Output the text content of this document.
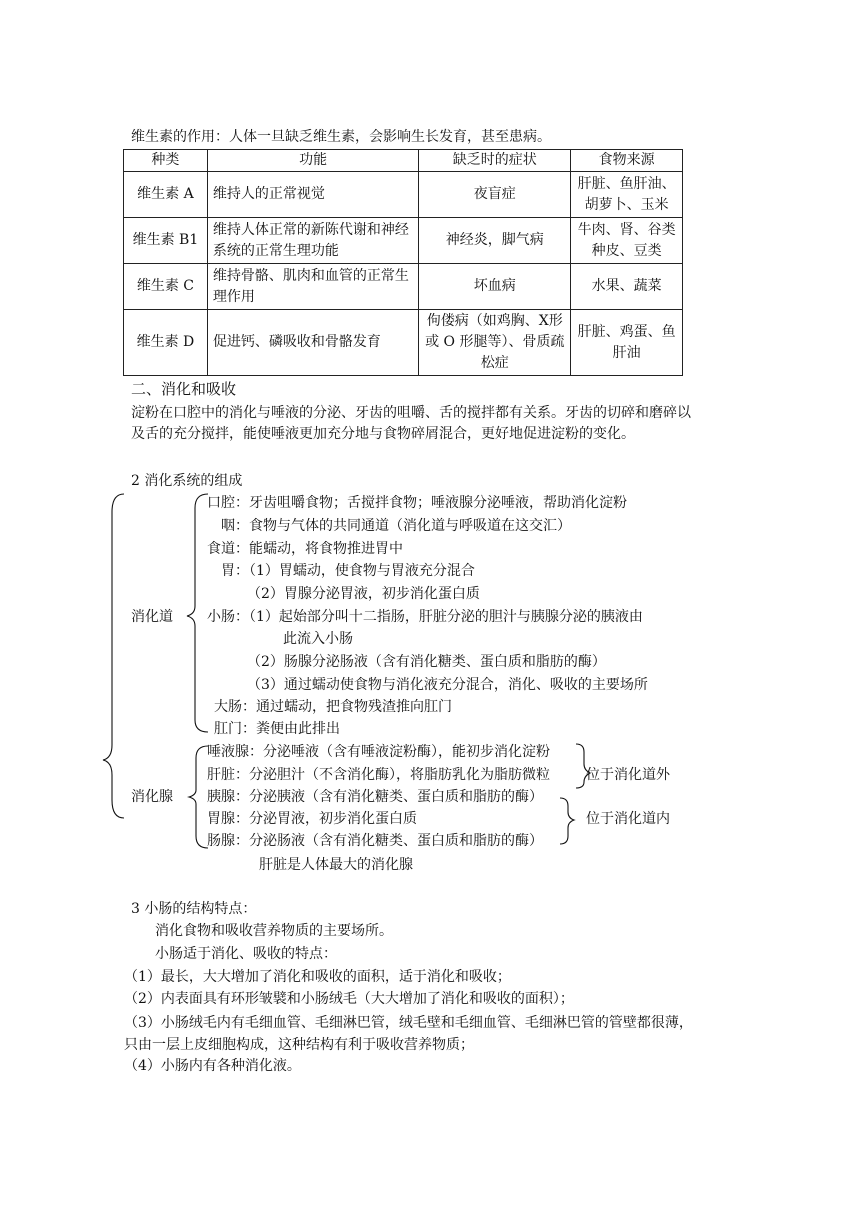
维生素的作用：人体一旦缺乏维生素，会影响生长发育，甚至患病。
种类	功能	缺乏时的症状	食物来源
维生素 A	维持人的正常视觉	夜盲症	肝脏、鱼肝油、胡萝卜、玉米
维生素 B1	维持人体正常的新陈代谢和神经系统的正常生理功能	神经炎，脚气病	牛肉、肾、谷类种皮、豆类
维生素 C	维持骨骼、肌肉和血管的正常生理作用	坏血病	水果、蔬菜
维生素 D	促进钙、磷吸收和骨骼发育	佝偻病（如鸡胸、X形或 O 形腿等）、骨质疏松症	肝脏、鸡蛋、鱼肝油
二、消化和吸收
淀粉在口腔中的消化与唾液的分泌、牙齿的咀嚼、舌的搅拌都有关系。牙齿的切碎和磨碎以及舌的充分搅拌，能使唾液更加充分地与食物碎屑混合，更好地促进淀粉的变化。
2 消化系统的组成
消化道
消化腺
口腔：牙齿咀嚼食物；舌搅拌食物；唾液腺分泌唾液，帮助消化淀粉
咽：食物与气体的共同通道（消化道与呼吸道在这交汇）
食道：能蠕动，将食物推进胃中
胃：（1）胃蠕动，使食物与胃液充分混合
（2）胃腺分泌胃液，初步消化蛋白质
小肠：（1）起始部分叫十二指肠，肝脏分泌的胆汁与胰腺分泌的胰液由
此流入小肠
（2）肠腺分泌肠液（含有消化糖类、蛋白质和脂肪的酶）
（3）通过蠕动使食物与消化液充分混合，消化、吸收的主要场所
大肠：通过蠕动，把食物残渣推向肛门
肛门：粪便由此排出
唾液腺：分泌唾液（含有唾液淀粉酶），能初步消化淀粉
肝脏：分泌胆汁（不含消化酶），将脂肪乳化为脂肪微粒
胰腺：分泌胰液（含有消化糖类、蛋白质和脂肪的酶）
胃腺：分泌胃液，初步消化蛋白质
肠腺：分泌肠液（含有消化糖类、蛋白质和脂肪的酶）
位于消化道外
位于消化道内
肝脏是人体最大的消化腺
3 小肠的结构特点：
消化食物和吸收营养物质的主要场所。
小肠适于消化、吸收的特点：
（1）最长，大大增加了消化和吸收的面积，适于消化和吸收；
（2）内表面具有环形皱襞和小肠绒毛（大大增加了消化和吸收的面积）；
（3）小肠绒毛内有毛细血管、毛细淋巴管，绒毛壁和毛细血管、毛细淋巴管的管壁都很薄，只由一层上皮细胞构成，这种结构有利于吸收营养物质；
（4）小肠内有各种消化液。
